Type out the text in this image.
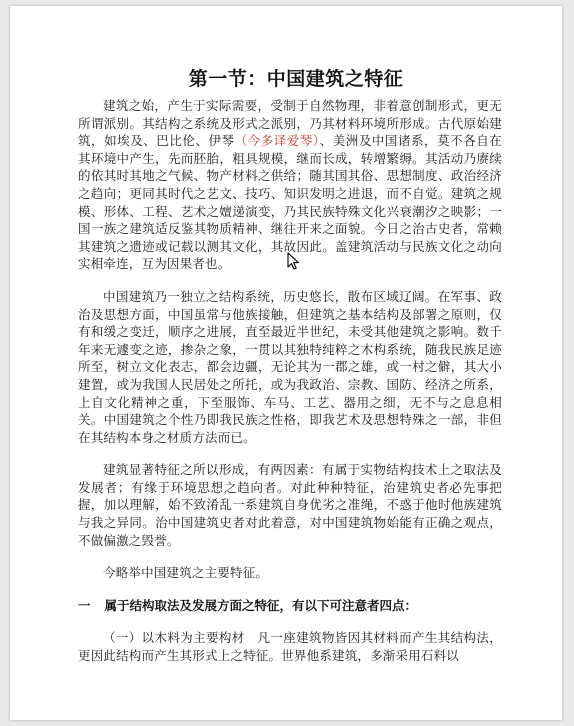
第一节：中国建筑之特征

建筑之始，产生于实际需要，受制于自然物理，非着意创制形式，更无所谓派别。其结构之系统及形式之派别，乃其材料环境所形成。古代原始建筑，如埃及、巴比伦、伊琴（今多译爱琴）、美洲及中国诸系，莫不各自在其环境中产生，先而胚胎，粗具规模，继而长成，转增繁缛。其活动乃赓续的依其时其地之气候、物产材料之供给；随其国其俗、思想制度、政治经济之趋向；更同其时代之艺文、技巧、知识发明之进退，而不自觉。建筑之规模、形体、工程、艺术之嬗递演变，乃其民族特殊文化兴衰潮汐之映影；一国一族之建筑适反鉴其物质精神、继往开来之面貌。今日之治古史者，常赖其建筑之遗迹或记载以测其文化，其故因此。盖建筑活动与民族文化之动向实相牵连，互为因果者也。

中国建筑乃一独立之结构系统，历史悠长，散布区域辽阔。在军事、政治及思想方面，中国虽常与他族接触，但建筑之基本结构及部署之原则，仅有和缓之变迁，顺序之进展，直至最近半世纪，未受其他建筑之影响。数千年来无遽变之迹，掺杂之象，一贯以其独特纯粹之木构系统，随我民族足迹所至，树立文化表志，都会边疆，无论其为一郡之雄，或一村之僻，其大小建置，或为我国人民居处之所托，或为我政治、宗教、国防、经济之所系，上自文化精神之重，下至服饰、车马、工艺、器用之细，无不与之息息相关。中国建筑之个性乃即我民族之性格，即我艺术及思想特殊之一部，非但在其结构本身之材质方法而已。

建筑显著特征之所以形成，有两因素：有属于实物结构技术上之取法及发展者；有缘于环境思想之趋向者。对此种种特征，治建筑史者必先事把握，加以理解，始不致淆乱一系建筑自身优劣之准绳，不惑于他时他族建筑与我之异同。治中国建筑史者对此着意，对中国建筑物始能有正确之观点，不做偏激之毁誉。

今略举中国建筑之主要特征。

一 属于结构取法及发展方面之特征，有以下可注意者四点：

（一）以木料为主要构材　凡一座建筑物皆因其材料而产生其结构法，更因此结构而产生其形式上之特征。世界他系建筑，多渐采用石料以
